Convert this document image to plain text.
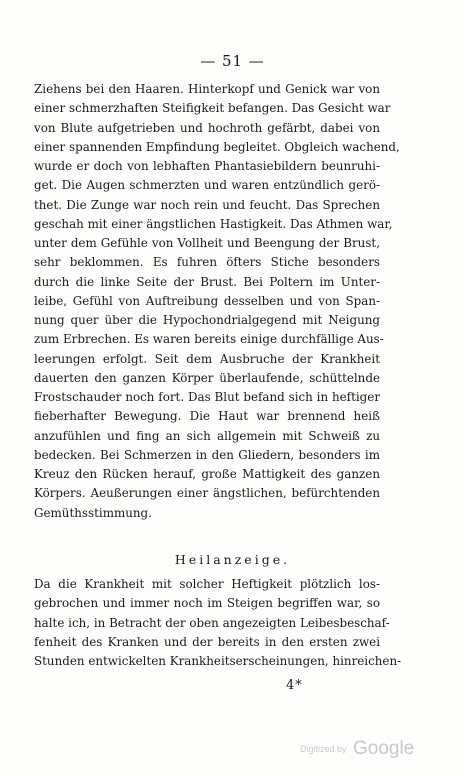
— 51 —
Ziehens bei den Haaren. Hinterkopf und Genick war von
einer schmerzhaften Steifigkeit befangen. Das Gesicht war
von Blute aufgetrieben und hochroth gefärbt, dabei von
einer spannenden Empfindung begleitet. Obgleich wachend,
wurde er doch von lebhaften Phantasiebildern beunruhi-
get. Die Augen schmerzten und waren entzündlich gerö-
thet. Die Zunge war noch rein und feucht. Das Sprechen
geschah mit einer ängstlichen Hastigkeit. Das Athmen war,
unter dem Gefühle von Vollheit und Beengung der Brust,
sehr beklommen. Es fuhren öfters Stiche besonders
durch die linke Seite der Brust. Bei Poltern im Unter-
leibe, Gefühl von Auftreibung desselben und von Span-
nung quer über die Hypochondrialgegend mit Neigung
zum Erbrechen. Es waren bereits einige durchfällige Aus-
leerungen erfolgt. Seit dem Ausbruche der Krankheit
dauerten den ganzen Körper überlaufende, schüttelnde
Frostschauder noch fort. Das Blut befand sich in heftiger
fieberhafter Bewegung. Die Haut war brennend heiß
anzufühlen und fing an sich allgemein mit Schweiß zu
bedecken. Bei Schmerzen in den Gliedern, besonders im
Kreuz den Rücken herauf, große Mattigkeit des ganzen
Körpers. Aeußerungen einer ängstlichen, befürchtenden
Gemüthsstimmung.
Heilanzeige.
Da die Krankheit mit solcher Heftigkeit plötzlich los-
gebrochen und immer noch im Steigen begriffen war, so
halte ich, in Betracht der oben angezeigten Leibesbeschaf-
fenheit des Kranken und der bereits in den ersten zwei
Stunden entwickelten Krankheitserscheinungen, hinreichen-
4*
Digitized by Google
